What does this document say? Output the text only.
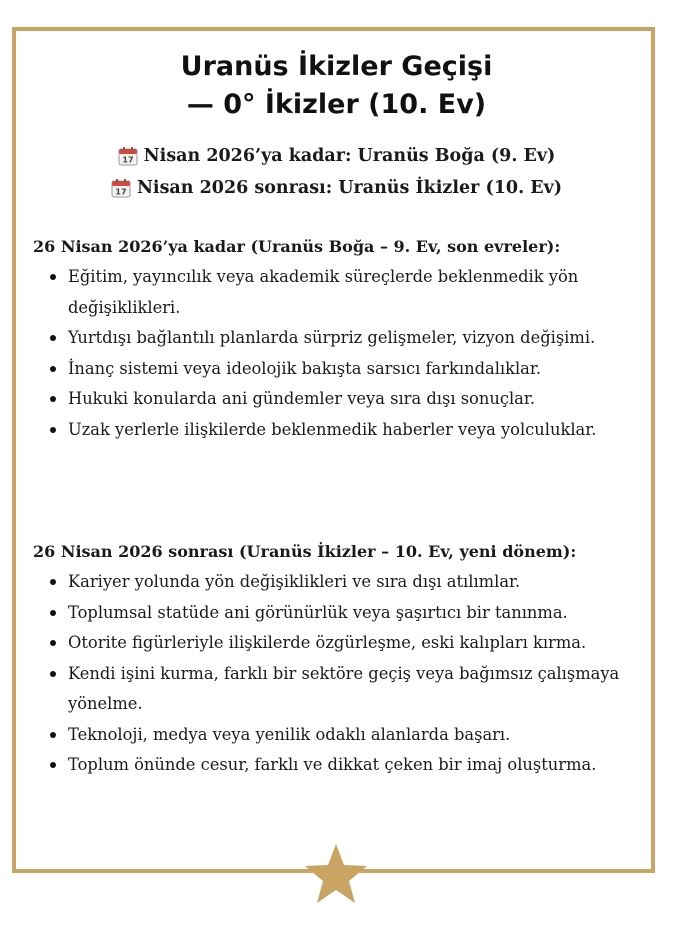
Uranüs İkizler Geçişi
— 0° İkizler (10. Ev)
17 Nisan 2026’ya kadar: Uranüs Boğa (9. Ev)
17 Nisan 2026 sonrası: Uranüs İkizler (10. Ev)
26 Nisan 2026’ya kadar (Uranüs Boğa – 9. Ev, son evreler):
Eğitim, yayıncılık veya akademik süreçlerde beklenmedik yön değişiklikleri.
Yurtdışı bağlantılı planlarda sürpriz gelişmeler, vizyon değişimi.
İnanç sistemi veya ideolojik bakışta sarsıcı farkındalıklar.
Hukuki konularda ani gündemler veya sıra dışı sonuçlar.
Uzak yerlerle ilişkilerde beklenmedik haberler veya yolculuklar.
26 Nisan 2026 sonrası (Uranüs İkizler – 10. Ev, yeni dönem):
Kariyer yolunda yön değişiklikleri ve sıra dışı atılımlar.
Toplumsal statüde ani görünürlük veya şaşırtıcı bir tanınma.
Otorite figürleriyle ilişkilerde özgürleşme, eski kalıpları kırma.
Kendi işini kurma, farklı bir sektöre geçiş veya bağımsız çalışmaya yönelme.
Teknoloji, medya veya yenilik odaklı alanlarda başarı.
Toplum önünde cesur, farklı ve dikkat çeken bir imaj oluşturma.
